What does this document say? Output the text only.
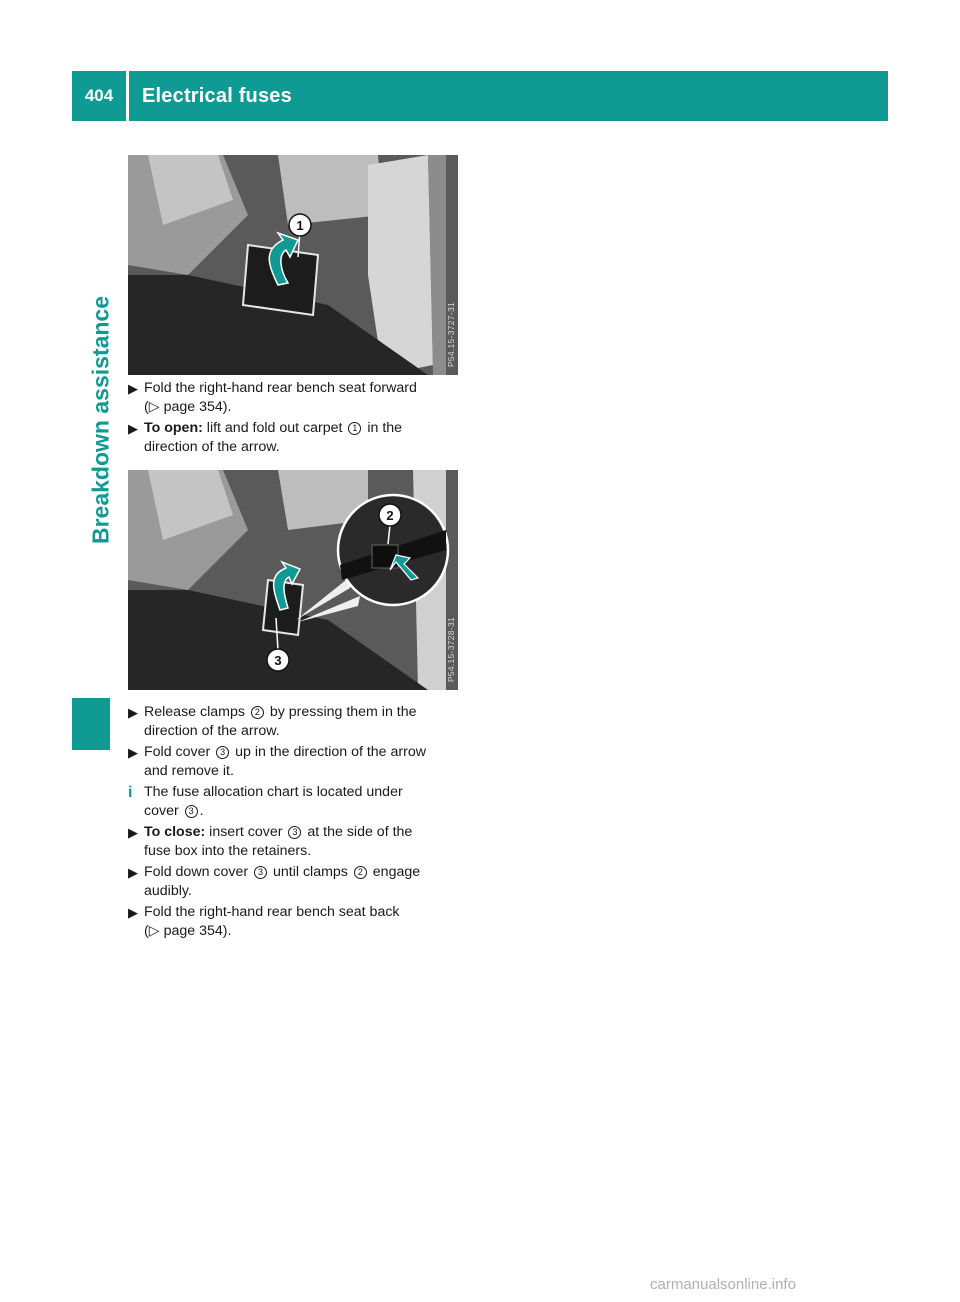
404	Electrical fuses
Breakdown assistance
1
P54.15-3727-31
▶ Fold the right-hand rear bench seat forward
(▷ page 354).
▶ To open: lift and fold out carpet 1 in the
direction of the arrow.
2
3	P54.15-3728-31
▶ Release clamps 2 by pressing them in the
direction of the arrow.
▶ Fold cover 3 up in the direction of the arrow
and remove it.
i The fuse allocation chart is located under
cover 3 .
▶ To close: insert cover 3 at the side of the
fuse box into the retainers.
▶ Fold down cover 3 until clamps 2 engage
audibly.
▶ Fold the right-hand rear bench seat back
(▷ page 354).
carmanualsonline.info
